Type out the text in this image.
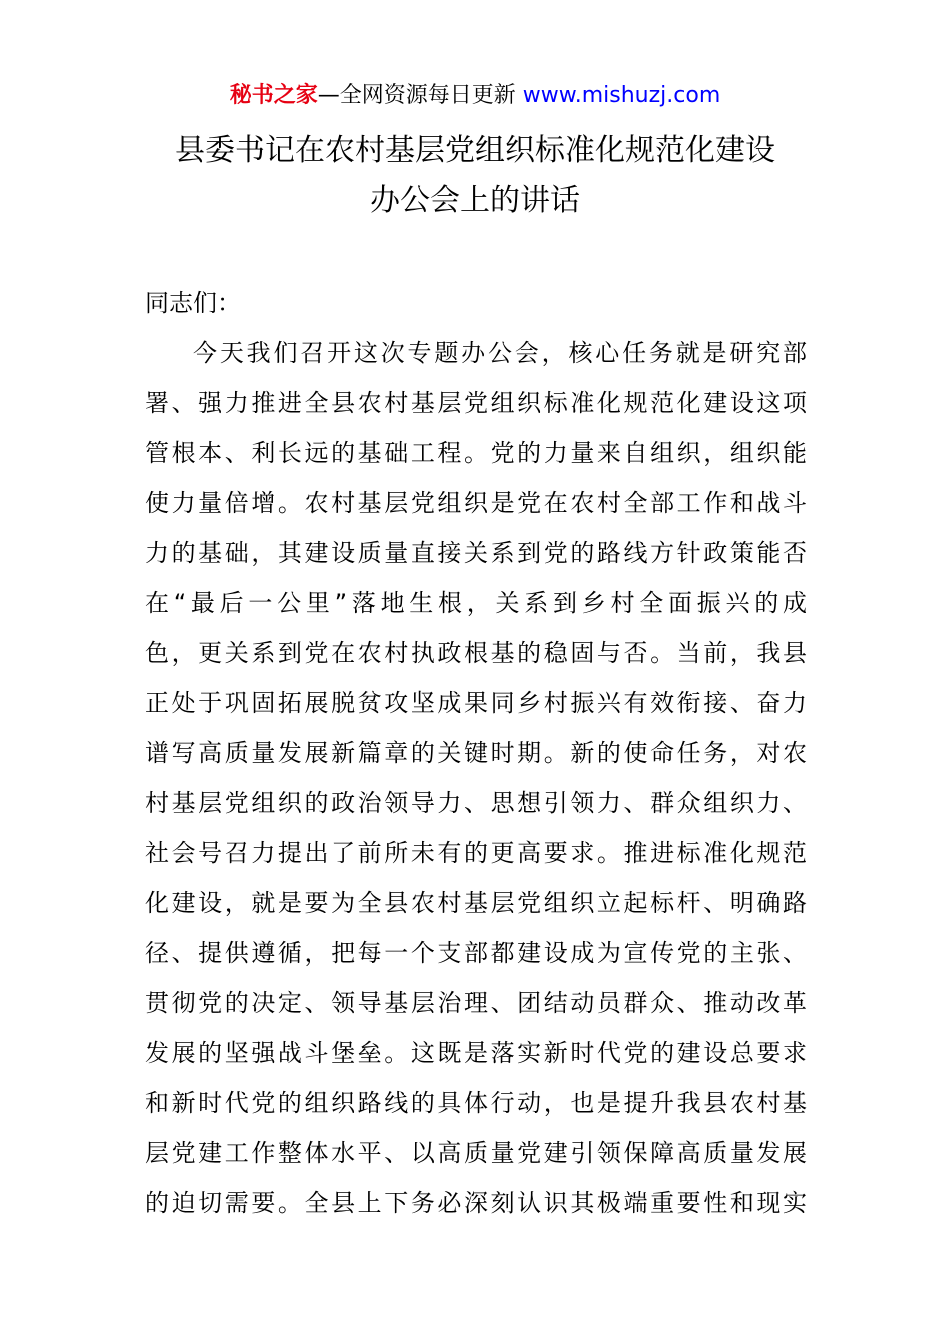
秘书之家—全网资源每日更新 www.mishuzj.com
县委书记在农村基层党组织标准化规范化建设
办公会上的讲话
同志们：
今天我们召开这次专题办公会，核心任务就是研究部
署、强力推进全县农村基层党组织标准化规范化建设这项
管根本、利长远的基础工程。党的力量来自组织，组织能
使力量倍增。农村基层党组织是党在农村全部工作和战斗
力的基础，其建设质量直接关系到党的路线方针政策能否
在“最后一公里”落地生根，关系到乡村全面振兴的成
色，更关系到党在农村执政根基的稳固与否。当前，我县
正处于巩固拓展脱贫攻坚成果同乡村振兴有效衔接、奋力
谱写高质量发展新篇章的关键时期。新的使命任务，对农
村基层党组织的政治领导力、思想引领力、群众组织力、
社会号召力提出了前所未有的更高要求。推进标准化规范
化建设，就是要为全县农村基层党组织立起标杆、明确路
径、提供遵循，把每一个支部都建设成为宣传党的主张、
贯彻党的决定、领导基层治理、团结动员群众、推动改革
发展的坚强战斗堡垒。这既是落实新时代党的建设总要求
和新时代党的组织路线的具体行动，也是提升我县农村基
层党建工作整体水平、以高质量党建引领保障高质量发展
的迫切需要。全县上下务必深刻认识其极端重要性和现实
